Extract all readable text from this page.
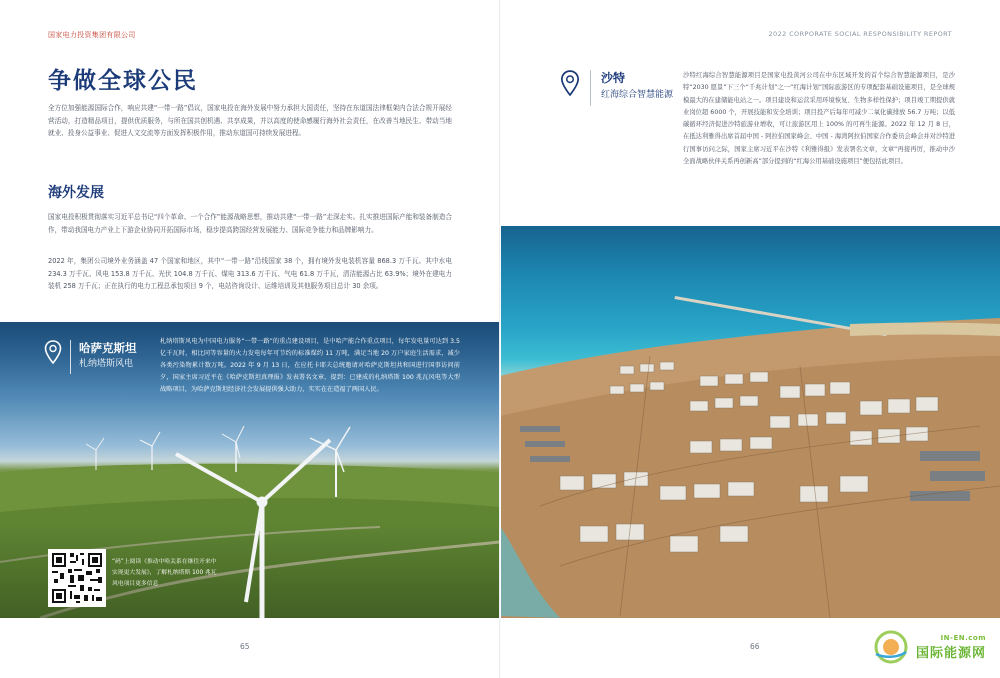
国家电力投资集团有限公司
争做全球公民
全方位加强能源国际合作，响应共建“一带一路”倡议，国家电投在海外发展中努力承担大国责任，坚持在东道国法律框架内合法合规开展经营活动，打造精品项目，提供优质服务，与所在国共创机遇、共享成果，并以高度的使命感履行海外社会责任，在改善当地民生、带动当地就业、投身公益事业、促进人文交流等方面发挥积极作用，推动东道国可持续发展进程。
海外发展
国家电投积极贯彻落实习近平总书记“四个革命、一个合作”能源战略思想，推动共建“一带一路”走深走实。扎实推进国际产能和装备制造合作，带动我国电力产业上下游企业协同开拓国际市场，稳步提高跨国经营发展能力、国际竞争能力和品牌影响力。
2022 年，集团公司境外业务涵盖 47 个国家和地区，其中“一带一路”沿线国家 38 个，拥有境外发电装机容量 868.3 万千瓦。其中水电 234.3 万千瓦、风电 153.8 万千瓦、光伏 104.8 万千瓦、煤电 313.6 万千瓦、气电 61.8 万千瓦，清洁能源占比 63.9%；境外在建电力装机 258 万千瓦；正在执行的电力工程总承包项目 9 个，电站咨询设计、运维培训及其他服务项目总计 30 余项。
哈萨克斯坦
札纳塔斯风电
札纳塔斯风电为中国电力服务“一带一路”的重点建设项目，是中哈产能合作重点项目，每年发电量可达到 3.5 亿千瓦时，相比同等容量的火力发电每年可节约的标准煤约 11 万吨，满足当地 20 万户家庭生活需求，减少各类污染物累计数万吨。2022 年 9 月 13 日，在应托卡耶夫总统邀请对哈萨克斯坦共和国进行国事访问前夕，国家主席习近平在《哈萨克斯坦真理报》发表署名文章，提到：已建成的札纳塔斯 100 兆瓦风电等大型战略项目，为哈萨克斯坦经济社会发展提供强大助力，实实在在造福了两国人民。
“码”上阅读《推动中哈关系在继往开来中实现更大发展》，了解札纳塔斯 100 兆瓦风电项目更多信息
65
2022 CORPORATE SOCIAL RESPONSIBILITY REPORT
沙特
红海综合智慧能源
沙特红海综合智慧能源项目是国家电投黄河公司在中东区域开发的首个综合智慧能源项目，是沙特“2030 愿景”下三个“千兆计划”之一“红海计划”国际旅游区的专项配套基础设施项目，是全球规模最大的在建储能电站之一。项目建设和运营采用环境恢复、生物多样性保护；项目竣工期提供就业岗位超 6000 个，开展技能和安全培训；项目投产后每年可减少二氧化碳排放 56.7 万吨；以低碳循环经济促进沙特旅游业增收，可让旅游区用上 100% 的可再生能源。2022 年 12 月 8 日，在抵达利雅得出席首届中国 - 阿拉伯国家峰会、中国 - 海湾阿拉伯国家合作委员会峰会并对沙特进行国事访问之际，国家主席习近平在沙特《利雅得报》发表署名文章，文章“再接再厉，推动中沙全面战略伙伴关系再创新高”部分提到的“红海公用基础设施项目”便包括此项目。
66
IN-EN.com
国际能源网
